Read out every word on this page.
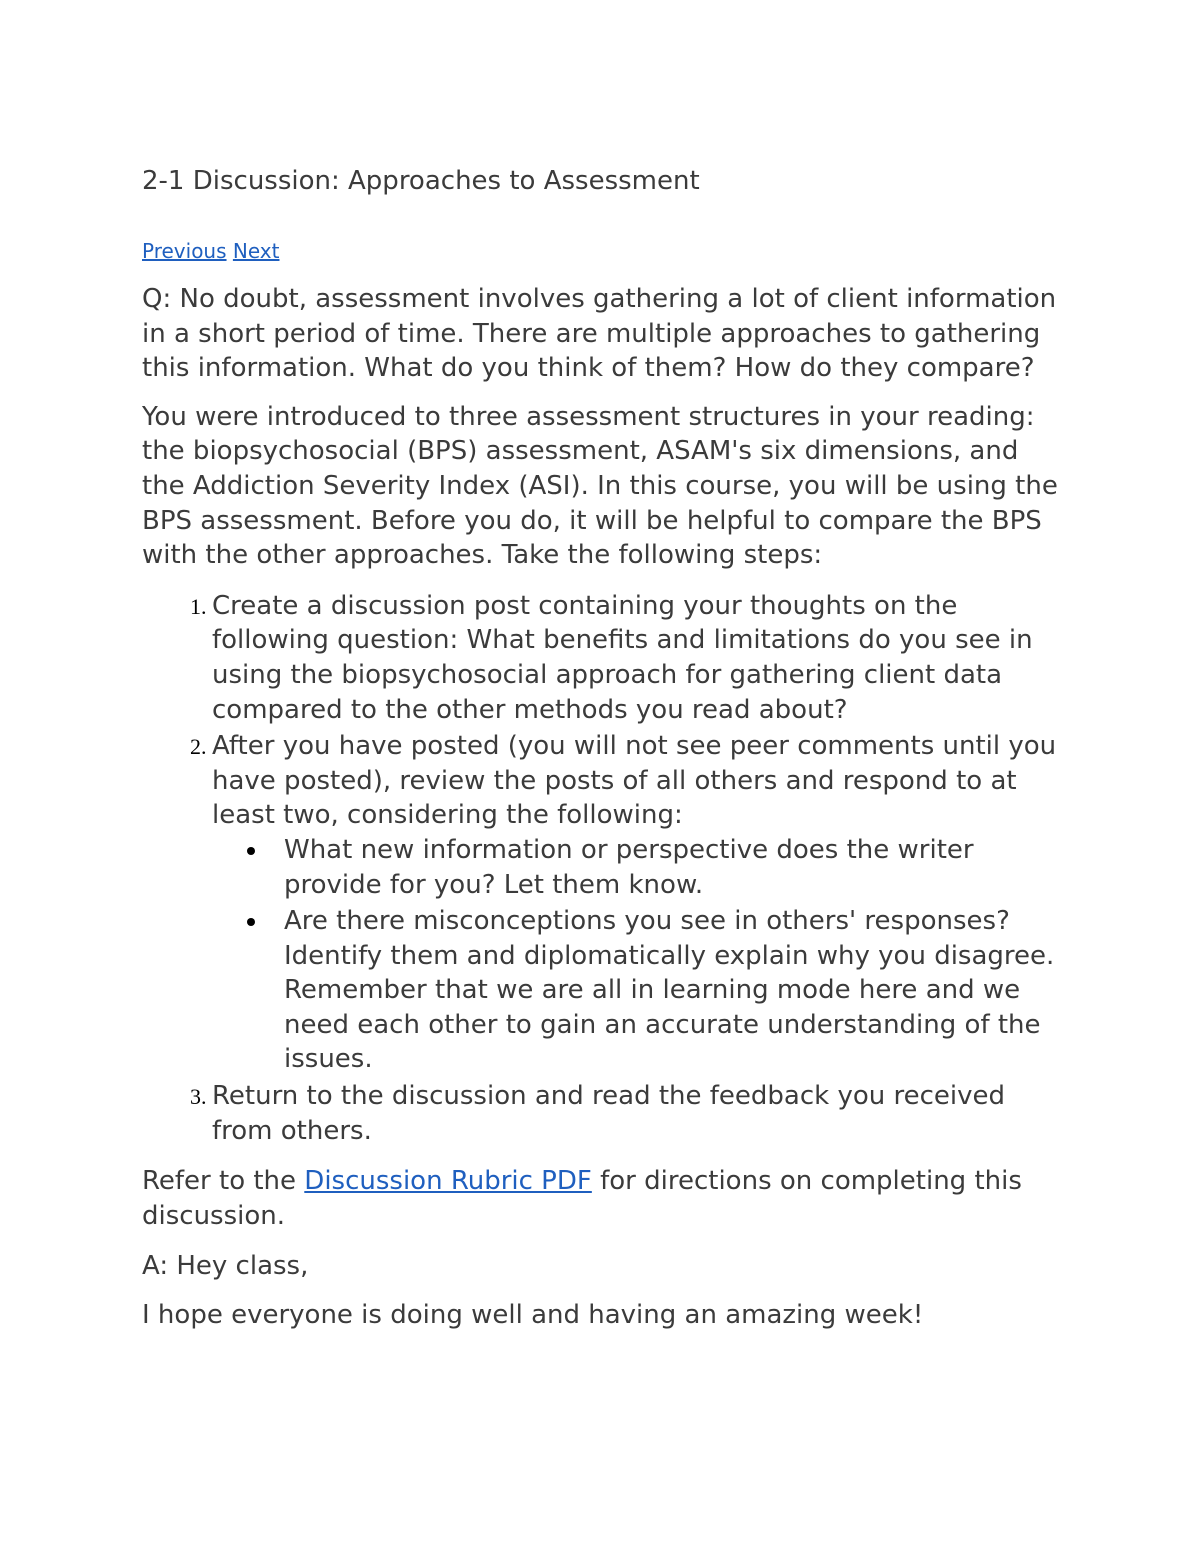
2-1 Discussion: Approaches to Assessment
Previous Next

Q: No doubt, assessment involves gathering a lot of client information in a short period of time. There are multiple approaches to gathering this information. What do you think of them? How do they compare?

You were introduced to three assessment structures in your reading: the biopsychosocial (BPS) assessment, ASAM's six dimensions, and the Addiction Severity Index (ASI). In this course, you will be using the BPS assessment. Before you do, it will be helpful to compare the BPS with the other approaches. Take the following steps:

1. Create a discussion post containing your thoughts on the following question: What benefits and limitations do you see in using the biopsychosocial approach for gathering client data compared to the other methods you read about?
2. After you have posted (you will not see peer comments until you have posted), review the posts of all others and respond to at least two, considering the following:
What new information or perspective does the writer provide for you? Let them know.
Are there misconceptions you see in others' responses? Identify them and diplomatically explain why you disagree. Remember that we are all in learning mode here and we need each other to gain an accurate understanding of the issues.
3. Return to the discussion and read the feedback you received from others.

Refer to the Discussion Rubric PDF for directions on completing this discussion.

A: Hey class,

I hope everyone is doing well and having an amazing week!
